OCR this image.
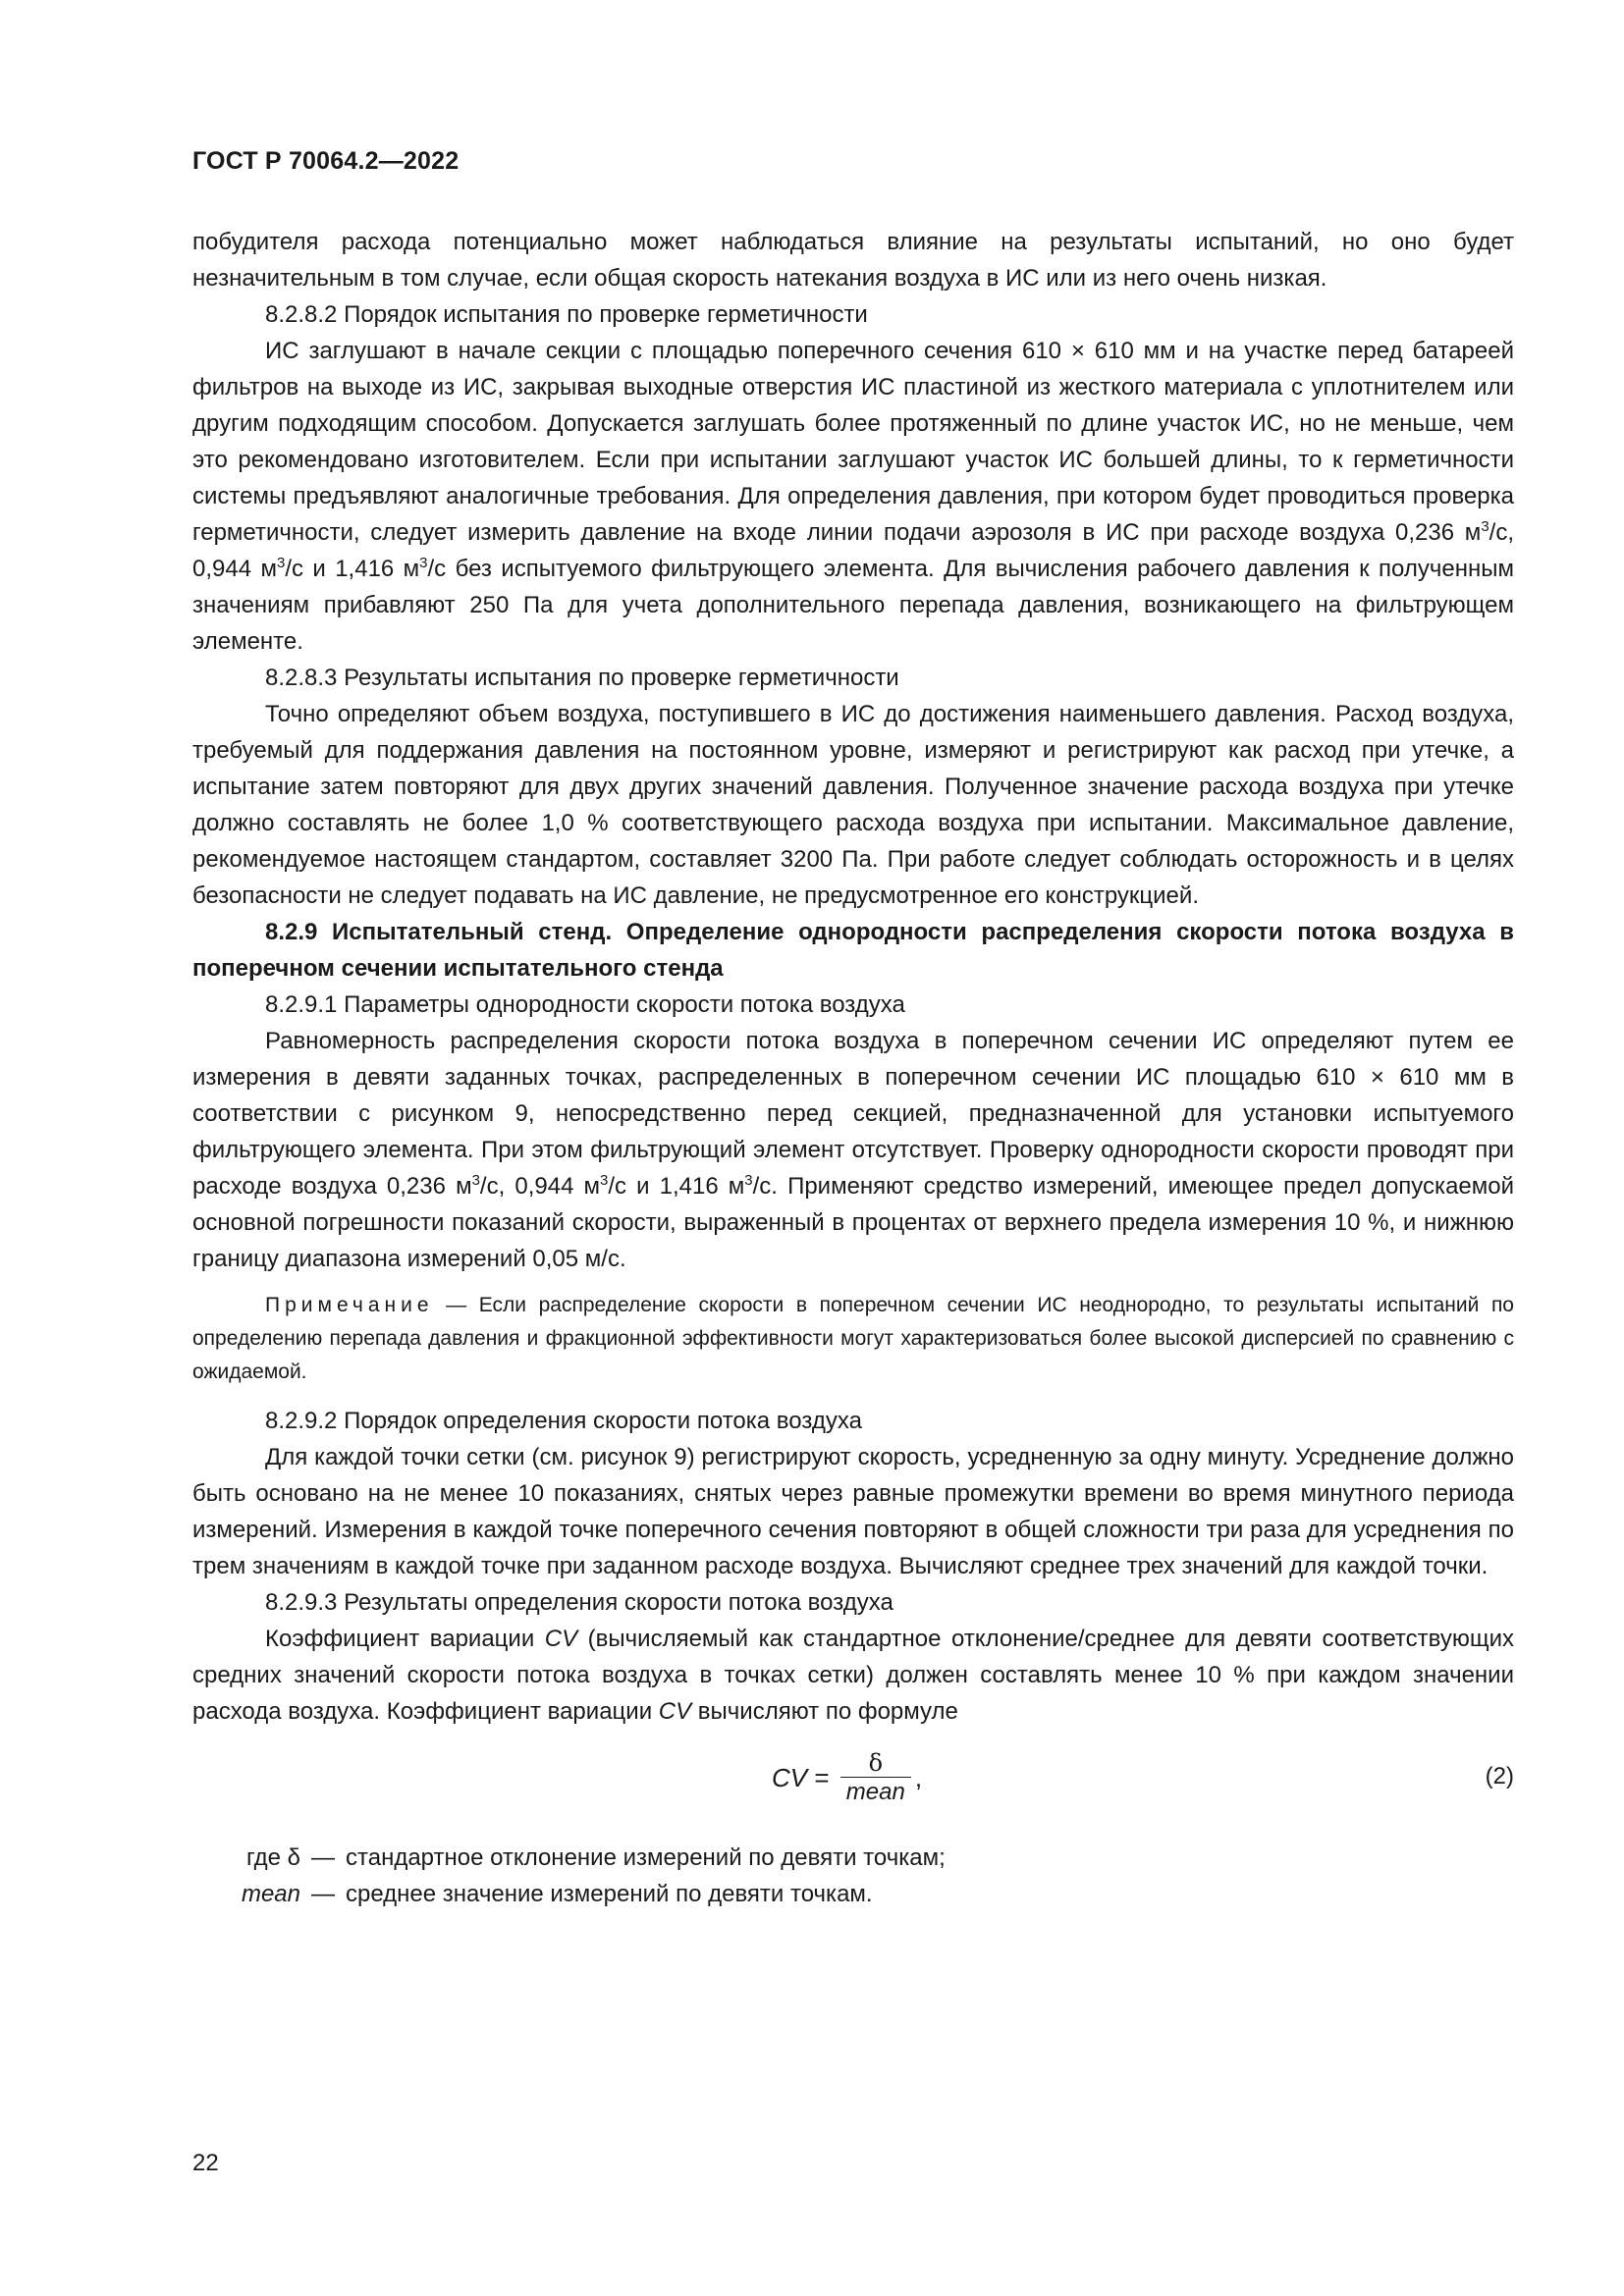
ГОСТ Р 70064.2—2022

побудителя расхода потенциально может наблюдаться влияние на результаты испытаний, но оно будет незначительным в том случае, если общая скорость натекания воздуха в ИС или из него очень низкая.

8.2.8.2 Порядок испытания по проверке герметичности

ИС заглушают в начале секции с площадью поперечного сечения 610 × 610 мм и на участке перед батареей фильтров на выходе из ИС, закрывая выходные отверстия ИС пластиной из жесткого материала с уплотнителем или другим подходящим способом. Допускается заглушать более протяженный по длине участок ИС, но не меньше, чем это рекомендовано изготовителем. Если при испытании заглушают участок ИС большей длины, то к герметичности системы предъявляют аналогичные требования. Для определения давления, при котором будет проводиться проверка герметичности, следует измерить давление на входе линии подачи аэрозоля в ИС при расходе воздуха 0,236 $м^3/с$, 0,944 $м^3/с$ и 1,416 $м^3/с$ без испытуемого фильтрующего элемента. Для вычисления рабочего давления к полученным значениям прибавляют 250 Па для учета дополнительного перепада давления, возникающего на фильтрующем элементе.

8.2.8.3 Результаты испытания по проверке герметичности

Точно определяют объем воздуха, поступившего в ИС до достижения наименьшего давления. Расход воздуха, требуемый для поддержания давления на постоянном уровне, измеряют и регистрируют как расход при утечке, а испытание затем повторяют для двух других значений давления. Полученное значение расхода воздуха при утечке должно составлять не более 1,0 % соответствующего расхода воздуха при испытании. Максимальное давление, рекомендуемое настоящем стандартом, составляет 3200 Па. При работе следует соблюдать осторожность и в целях безопасности не следует подавать на ИС давление, не предусмотренное его конструкцией.

8.2.9 Испытательный стенд. Определение однородности распределения скорости потока воздуха в поперечном сечении испытательного стенда

8.2.9.1 Параметры однородности скорости потока воздуха

Равномерность распределения скорости потока воздуха в поперечном сечении ИС определяют путем ее измерения в девяти заданных точках, распределенных в поперечном сечении ИС площадью 610 × 610 мм в соответствии с рисунком 9, непосредственно перед секцией, предназначенной для установки испытуемого фильтрующего элемента. При этом фильтрующий элемент отсутствует. Проверку однородности скорости проводят при расходе воздуха 0,236 $м^3/с$, 0,944 $м^3/с$ и 1,416 $м^3/с$. Применяют средство измерений, имеющее предел допускаемой основной погрешности показаний скорости, выраженный в процентах от верхнего предела измерения 10 %, и нижнюю границу диапазона измерений 0,05 м/с.

Примечание — Если распределение скорости в поперечном сечении ИС неоднородно, то результаты испытаний по определению перепада давления и фракционной эффективности могут характеризоваться более высокой дисперсией по сравнению с ожидаемой.

8.2.9.2 Порядок определения скорости потока воздуха

Для каждой точки сетки (см. рисунок 9) регистрируют скорость, усредненную за одну минуту. Усреднение должно быть основано на не менее 10 показаниях, снятых через равные промежутки времени во время минутного периода измерений. Измерения в каждой точке поперечного сечения повторяют в общей сложности три раза для усреднения по трем значениям в каждой точке при заданном расходе воздуха. Вычисляют среднее трех значений для каждой точки.

8.2.9.3 Результаты определения скорости потока воздуха

Коэффициент вариации CV (вычисляемый как стандартное отклонение/среднее для девяти соответствующих средних значений скорости потока воздуха в точках сетки) должен составлять менее 10 % при каждом значении расхода воздуха. Коэффициент вариации CV вычисляют по формуле

CV = $\frac{\delta}{\text{mean}}$ ,	(2)
где δ — стандартное отклонение измерений по девяти точкам;
mean — среднее значение измерений по девяти точкам.
22
